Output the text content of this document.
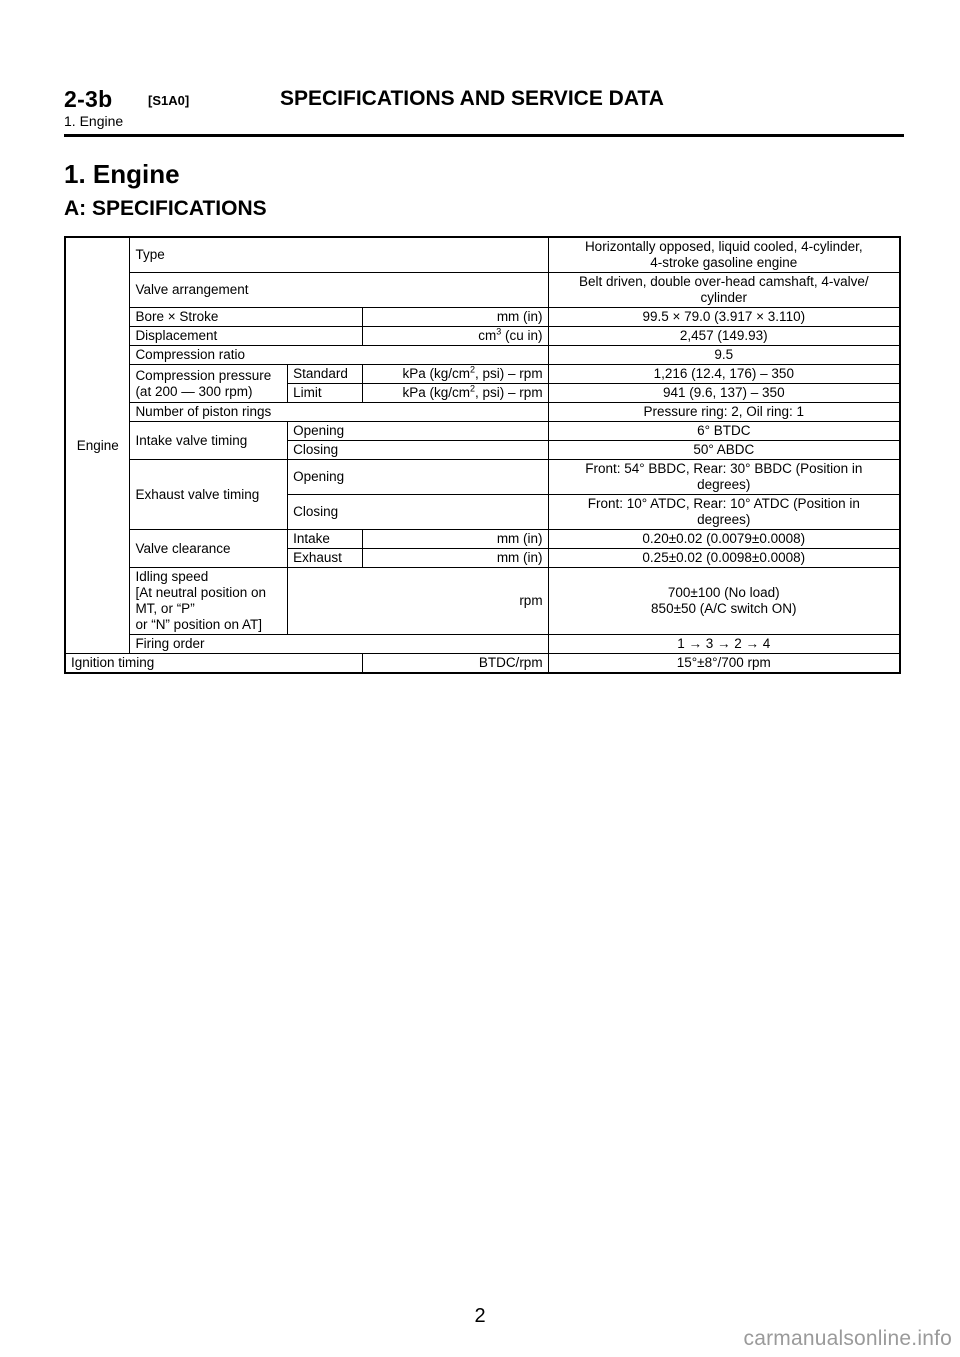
2-3b	[S1A0]	SPECIFICATIONS AND SERVICE DATA
1. Engine
1. Engine
A: SPECIFICATIONS
Engine	Type			Horizontally opposed, liquid cooled, 4-cylinder,
4-stroke gasoline engine
	Valve arrangement			Belt driven, double over-head camshaft, 4-valve/
cylinder
	Bore × Stroke		mm (in)	99.5 × 79.0 (3.917 × 3.110)
	Displacement		$cm^3$ (cu in)	2,457 (149.93)
	Compression ratio			9.5
	Compression pressure
(at 200 — 300 rpm)	Standard	kPa ($kg/cm^2$, psi) – rpm	1,216 (12.4, 176) – 350
		Limit	kPa ($kg/cm^2$, psi) – rpm	941 (9.6, 137) – 350
	Number of piston rings			Pressure ring: 2, Oil ring: 1
	Intake valve timing	Opening		6° BTDC
		Closing		50° ABDC
	Exhaust valve timing	Opening		Front: 54° BBDC, Rear: 30° BBDC (Position in
degrees)
		Closing		Front: 10° ATDC, Rear: 10° ATDC (Position in
degrees)
	Valve clearance	Intake	mm (in)	0.20±0.02 (0.0079±0.0008)
		Exhaust	mm (in)	0.25±0.02 (0.0098±0.0008)
	Idling speed
[At neutral position on MT, or “P”
or “N” position on AT]	rpm		700±100 (No load)
850±50 (A/C switch ON)
	Firing order			1 → 3 → 2 → 4

Ignition timing			BTDC/rpm	15°±8°/700 rpm
2
carmanualsonline.info
